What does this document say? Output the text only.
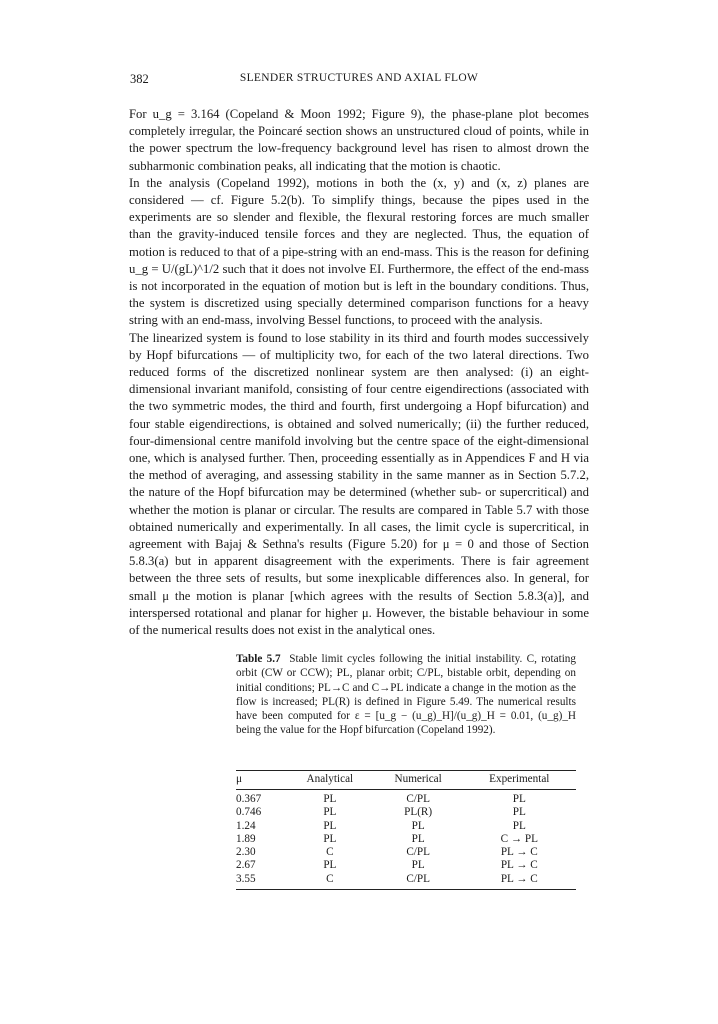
382	SLENDER STRUCTURES AND AXIAL FLOW

For u_g = 3.164 (Copeland & Moon 1992; Figure 9), the phase-plane plot becomes completely irregular, the Poincaré section shows an unstructured cloud of points, while in the power spectrum the low-frequency background level has risen to almost drown the subharmonic combination peaks, all indicating that the motion is chaotic.

In the analysis (Copeland 1992), motions in both the (x, y) and (x, z) planes are considered — cf. Figure 5.2(b). To simplify things, because the pipes used in the experiments are so slender and flexible, the flexural restoring forces are much smaller than the gravity-induced tensile forces and they are neglected. Thus, the equation of motion is reduced to that of a pipe-string with an end-mass. This is the reason for defining u_g = U/(gL)^1/2 such that it does not involve EI. Furthermore, the effect of the end-mass is not incorporated in the equation of motion but is left in the boundary conditions. Thus, the system is discretized using specially determined comparison functions for a heavy string with an end-mass, involving Bessel functions, to proceed with the analysis.

The linearized system is found to lose stability in its third and fourth modes successively by Hopf bifurcations — of multiplicity two, for each of the two lateral directions. Two reduced forms of the discretized nonlinear system are then analysed: (i) an eight-dimensional invariant manifold, consisting of four centre eigendirections (associated with the two symmetric modes, the third and fourth, first undergoing a Hopf bifurcation) and four stable eigendirections, is obtained and solved numerically; (ii) the further reduced, four-dimensional centre manifold involving but the centre space of the eight-dimensional one, which is analysed further. Then, proceeding essentially as in Appendices F and H via the method of averaging, and assessing stability in the same manner as in Section 5.7.2, the nature of the Hopf bifurcation may be determined (whether sub- or supercritical) and whether the motion is planar or circular. The results are compared in Table 5.7 with those obtained numerically and experimentally. In all cases, the limit cycle is supercritical, in agreement with Bajaj & Sethna's results (Figure 5.20) for μ = 0 and those of Section 5.8.3(a) but in apparent disagreement with the experiments. There is fair agreement between the three sets of results, but some inexplicable differences also. In general, for small μ the motion is planar [which agrees with the results of Section 5.8.3(a)], and interspersed rotational and planar for higher μ. However, the bistable behaviour in some of the numerical results does not exist in the analytical ones.

Table 5.7 Stable limit cycles following the initial instability. C, rotating orbit (CW or CCW); PL, planar orbit; C/PL, bistable orbit, depending on initial conditions; PL→C and C→PL indicate a change in the motion as the flow is increased; PL(R) is defined in Figure 5.49. The numerical results have been computed for ε = [u_g − (u_g)_H]/(u_g)_H = 0.01, (u_g)_H being the value for the Hopf bifurcation (Copeland 1992).
μ	Analytical	Numerical	Experimental
0.367	PL	C/PL	PL
0.746	PL	PL(R)	PL
1.24	PL	PL	PL
1.89	PL	PL	C → PL
2.30	C	C/PL	PL → C
2.67	PL	PL	PL → C
3.55	C	C/PL	PL → C
